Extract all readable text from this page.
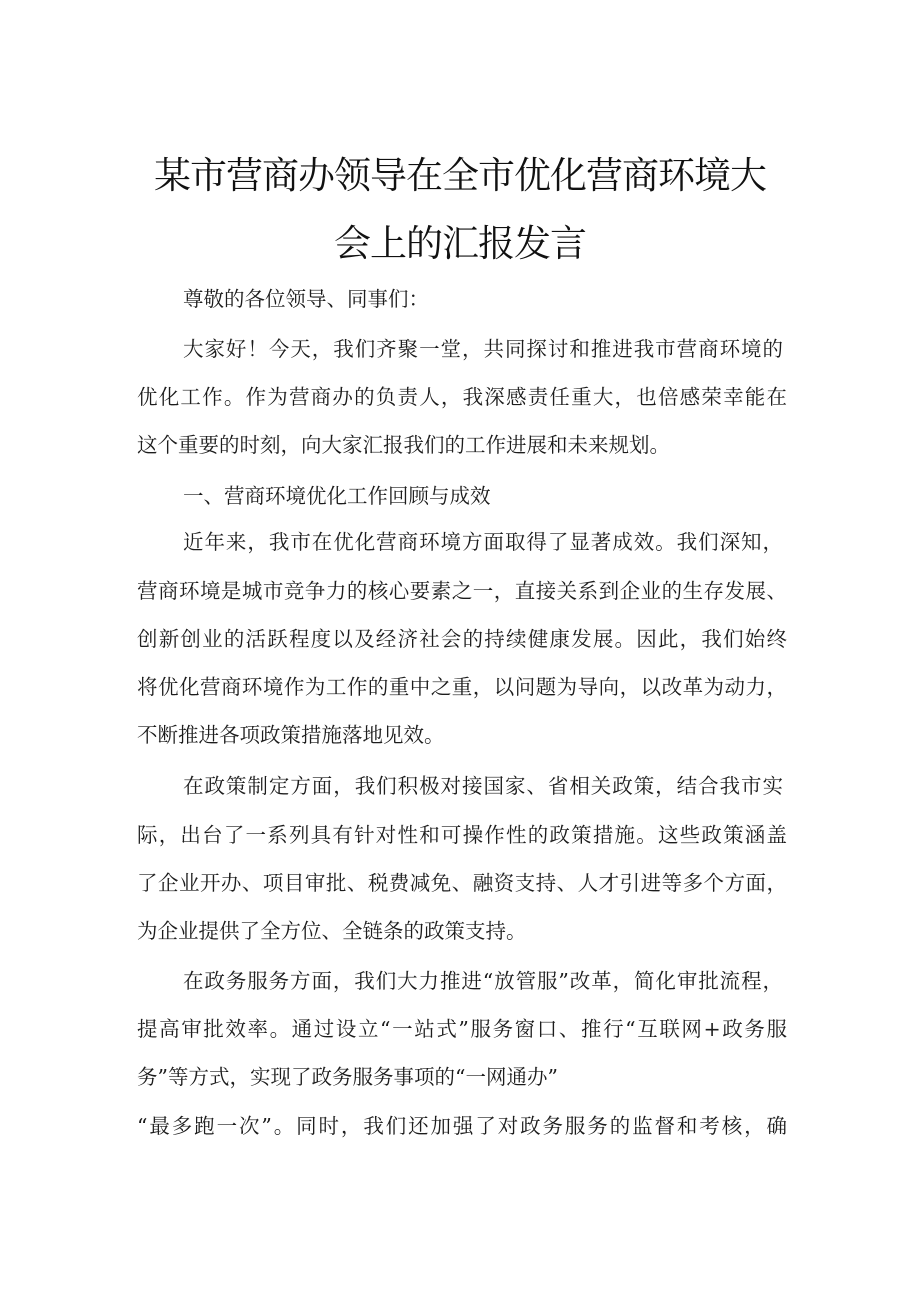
某市营商办领导在全市优化营商环境大
会上的汇报发言
尊敬的各位领导、同事们：
大家好！今天，我们齐聚一堂，共同探讨和推进我市营商环境的
优化工作。作为营商办的负责人，我深感责任重大，也倍感荣幸能在
这个重要的时刻，向大家汇报我们的工作进展和未来规划。
一、营商环境优化工作回顾与成效
近年来，我市在优化营商环境方面取得了显著成效。我们深知，
营商环境是城市竞争力的核心要素之一，直接关系到企业的生存发展、
创新创业的活跃程度以及经济社会的持续健康发展。因此，我们始终
将优化营商环境作为工作的重中之重，以问题为导向，以改革为动力，
不断推进各项政策措施落地见效。
在政策制定方面，我们积极对接国家、省相关政策，结合我市实
际，出台了一系列具有针对性和可操作性的政策措施。这些政策涵盖
了企业开办、项目审批、税费减免、融资支持、人才引进等多个方面，
为企业提供了全方位、全链条的政策支持。
在政务服务方面，我们大力推进“放管服”改革，简化审批流程，
提高审批效率。通过设立“一站式”服务窗口、推行“互联网+政务服
务”等方式，实现了政务服务事项的“一网通办”
“最多跑一次”。同时，我们还加强了对政务服务的监督和考核，确
